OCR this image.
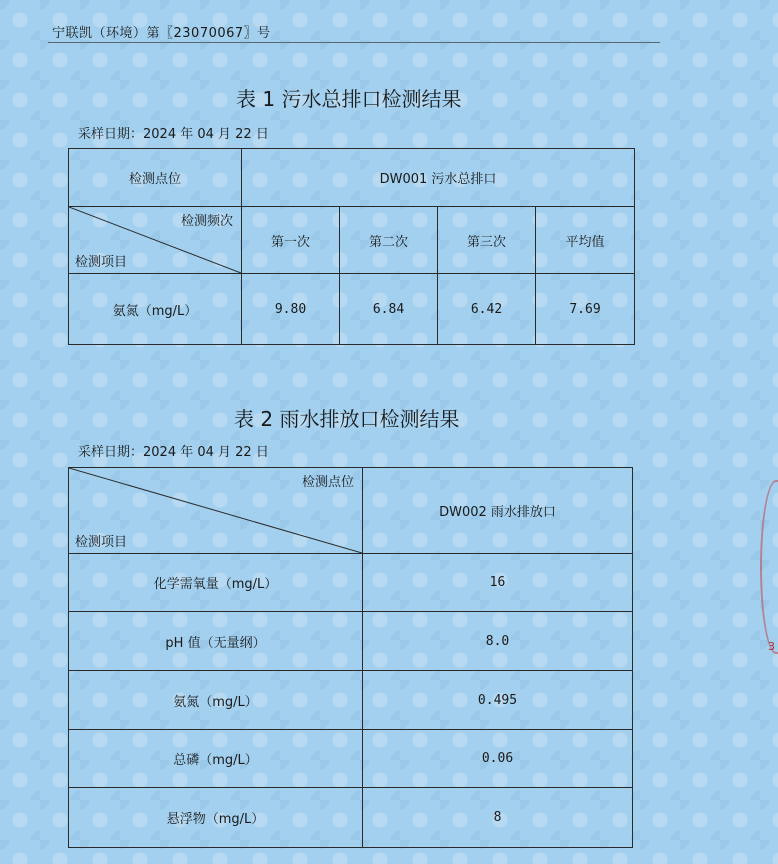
宁联凯（环境）第〖23070067〗号
表 1 污水总排口检测结果
采样日期：2024 年 04 月 22 日
检测点位	DW001 污水总排口			

检测频次
检测项目	第一次	第二次	第三次	平均值
氨氮（mg/L）	9.80	6.84	6.42	7.69
表 2 雨水排放口检测结果
采样日期：2024 年 04 月 22 日
检测点位
检测项目	DW002 雨水排放口
化学需氧量（mg/L）	16
pH 值（无量纲）	8.0
氨氮（mg/L）	0.495
总磷（mg/L）	0.06
悬浮物（mg/L）	8
3
